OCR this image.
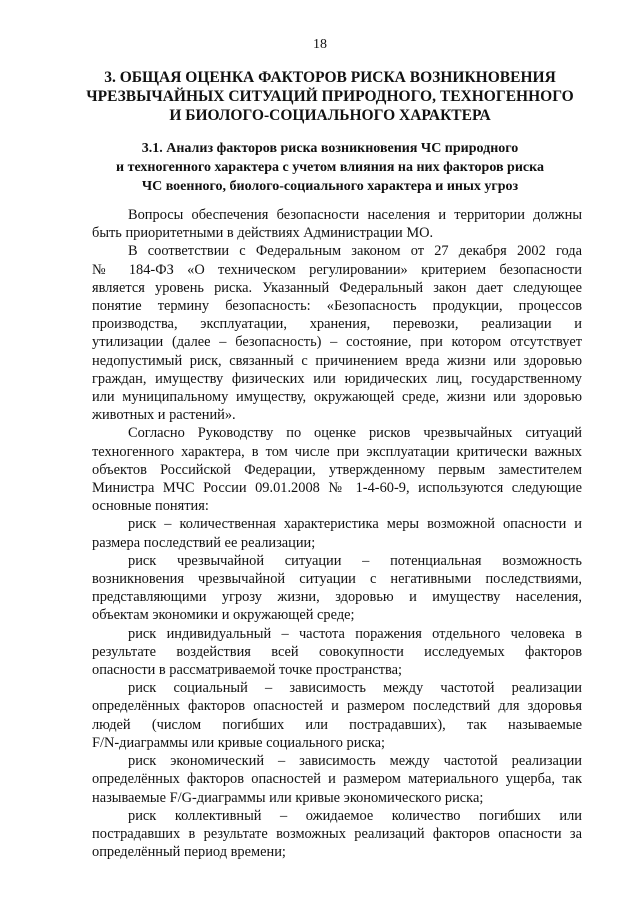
18
3. ОБЩАЯ ОЦЕНКА ФАКТОРОВ РИСКА ВОЗНИКНОВЕНИЯ
ЧРЕЗВЫЧАЙНЫХ СИТУАЦИЙ ПРИРОДНОГО, ТЕХНОГЕННОГО
И БИОЛОГО-СОЦИАЛЬНОГО ХАРАКТЕРА
3.1. Анализ факторов риска возникновения ЧС природного
и техногенного характера с учетом влияния на них факторов риска
ЧС военного, биолого-социального характера и иных угроз
Вопросы обеспечения безопасности населения и территории должны
быть приоритетными в действиях Администрации МО.
В соответствии с Федеральным законом от 27 декабря 2002 года
№ 184-ФЗ «О техническом регулировании» критерием безопасности
является уровень риска. Указанный Федеральный закон дает следующее
понятие термину безопасность: «Безопасность продукции, процессов
производства, эксплуатации, хранения, перевозки, реализации и
утилизации (далее – безопасность) – состояние, при котором отсутствует
недопустимый риск, связанный с причинением вреда жизни или здоровью
граждан, имуществу физических или юридических лиц, государственному
или муниципальному имуществу, окружающей среде, жизни или здоровью
животных и растений».
Согласно Руководству по оценке рисков чрезвычайных ситуаций
техногенного характера, в том числе при эксплуатации критически важных
объектов Российской Федерации, утвержденному первым заместителем
Министра МЧС России 09.01.2008 № 1-4-60-9, используются следующие
основные понятия:
риск – количественная характеристика меры возможной опасности и
размера последствий ее реализации;
риск чрезвычайной ситуации – потенциальная возможность
возникновения чрезвычайной ситуации с негативными последствиями,
представляющими угрозу жизни, здоровью и имуществу населения,
объектам экономики и окружающей среде;
риск индивидуальный – частота поражения отдельного человека в
результате воздействия всей совокупности исследуемых факторов
опасности в рассматриваемой точке пространства;
риск социальный – зависимость между частотой реализации
определённых факторов опасностей и размером последствий для здоровья
людей (числом погибших или пострадавших), так называемые
F/N-диаграммы или кривые социального риска;
риск экономический – зависимость между частотой реализации
определённых факторов опасностей и размером материального ущерба, так
называемые F/G-диаграммы или кривые экономического риска;
риск коллективный – ожидаемое количество погибших или
пострадавших в результате возможных реализаций факторов опасности за
определённый период времени;
